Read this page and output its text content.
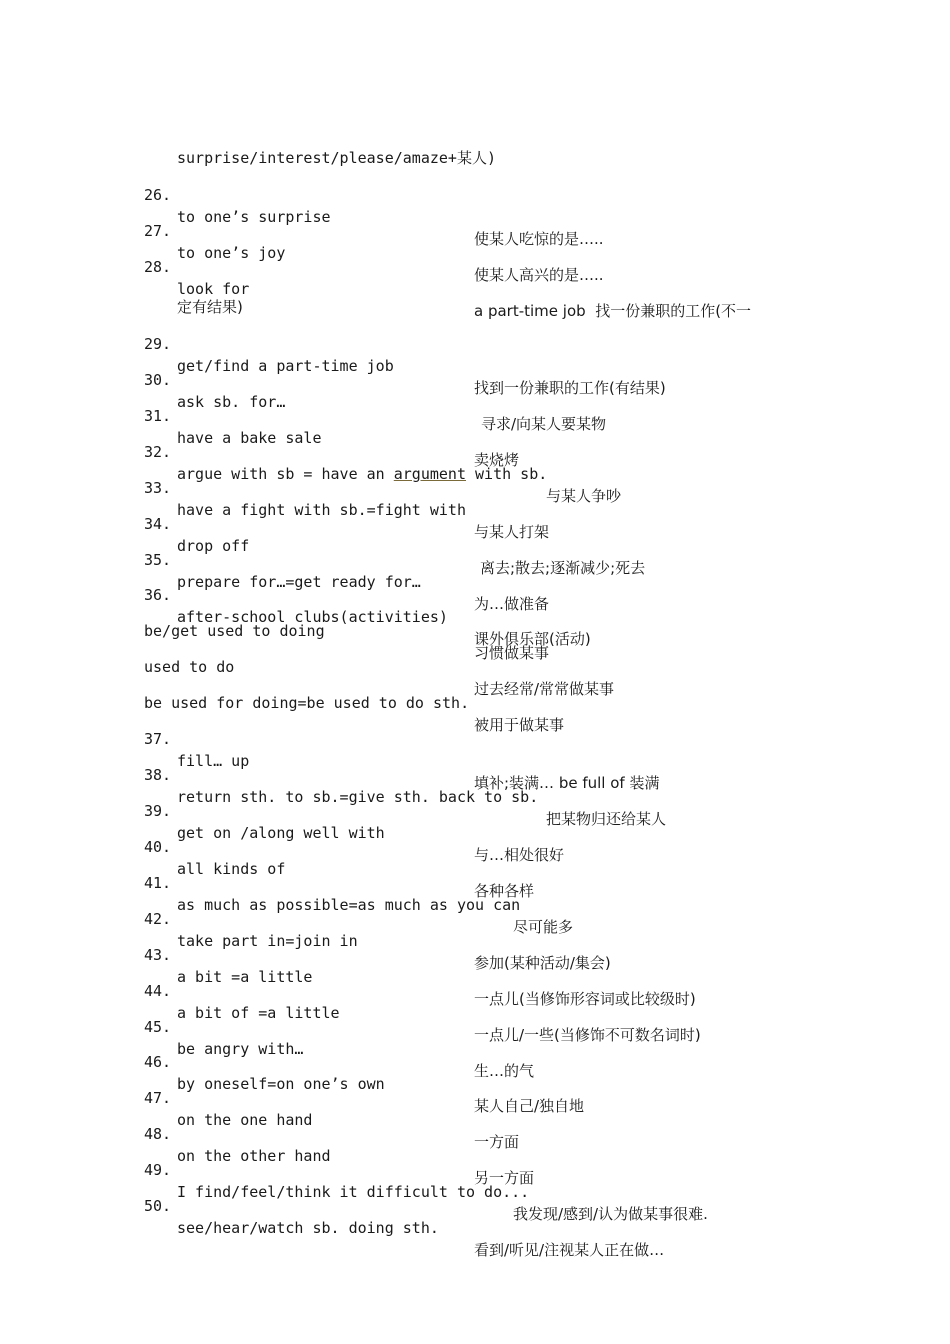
surprise/interest/please/amaze+某人)

26.

to one’s surprise

使某人吃惊的是…..

27.

to one’s joy

使某人高兴的是…..

28.

look for

a part-time job  找一份兼职的工作(不一

定有结果)

29.

get/find a part-time job

找到一份兼职的工作(有结果)

30.

ask sb. for…

寻求/向某人要某物

31.

have a bake sale

卖烧烤

32.

argue with sb = have an argument with sb.

与某人争吵

33.

have a fight with sb.=fight with

与某人打架

34.

drop off

离去;散去;逐渐减少;死去

35.

prepare for…=get ready for…

为…做准备

36.

after-school clubs(activities)

课外俱乐部(活动)

be/get used to doing

习惯做某事

used to do

过去经常/常常做某事

be used for doing=be used to do sth.

被用于做某事

37.

fill… up

填补;装满… be full of 装满

38.

return sth. to sb.=give sth. back to sb.

把某物归还给某人

39.

get on /along well with

与…相处很好

40.

all kinds of

各种各样

41.

as much as possible=as much as you can

尽可能多

42.

take part in=join in

参加(某种活动/集会)

43.

a bit =a little

一点儿(当修饰形容词或比较级时)

44.

a bit of =a little

一点儿/一些(当修饰不可数名词时)

45.

be angry with…

生…的气

46.

by oneself=on one’s own

某人自己/独自地

47.

on the one hand

一方面

48.

on the other hand

另一方面

49.

I find/feel/think it difficult to do...

我发现/感到/认为做某事很难.

50.

see/hear/watch sb. doing sth.

看到/听见/注视某人正在做…
